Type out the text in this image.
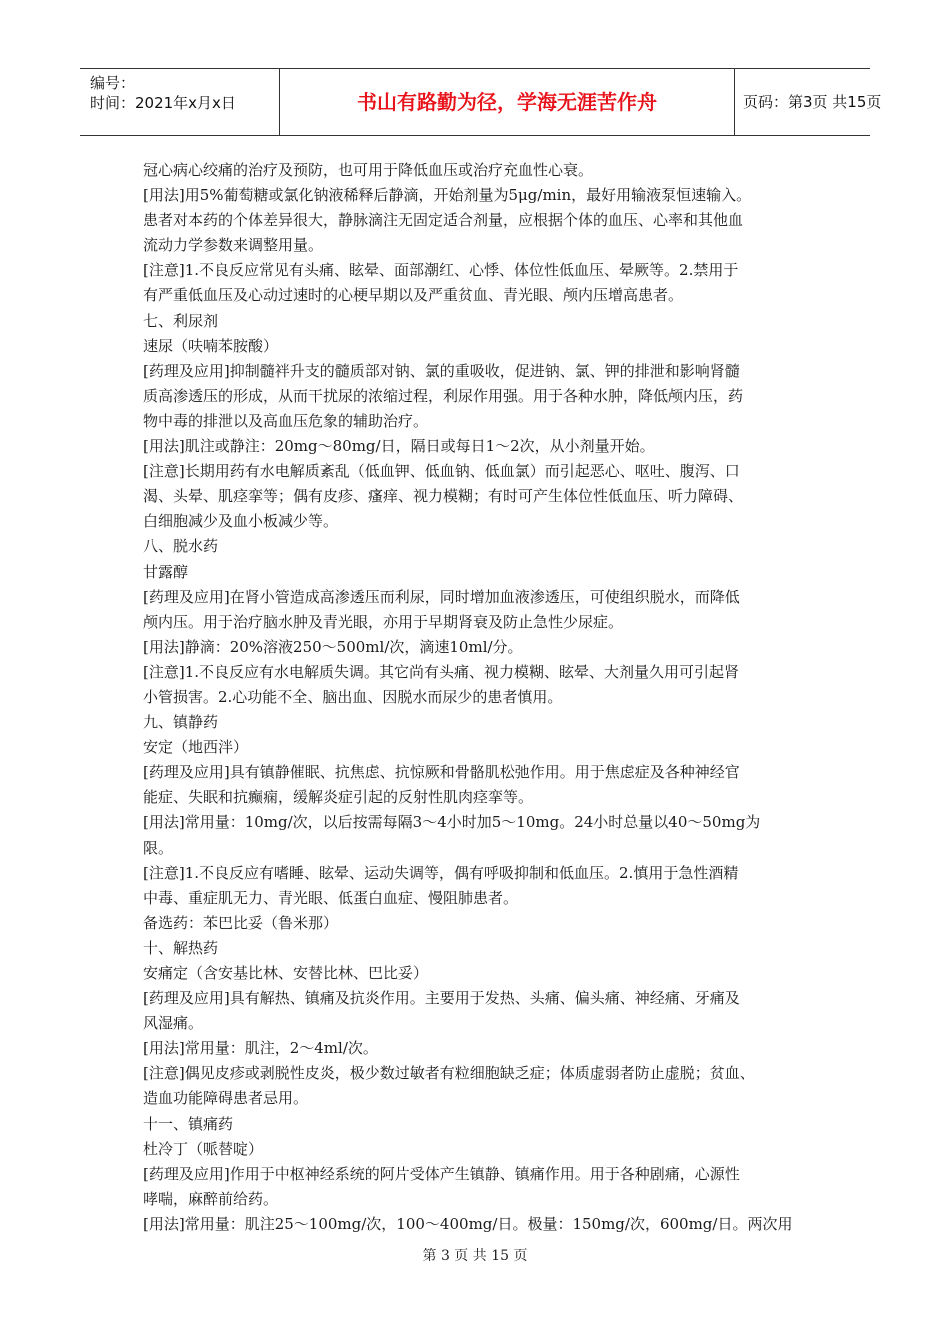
编号：
时间：2021年x月x日	书山有路勤为径，学海无涯苦作舟	页码：第3页 共15页

冠心病心绞痛的治疗及预防，也可用于降低血压或治疗充血性心衰。

[用法]用5%葡萄糖或氯化钠液稀释后静滴，开始剂量为5μg/min，最好用输液泵恒速输入。

患者对本药的个体差异很大，静脉滴注无固定适合剂量，应根据个体的血压、心率和其他血

流动力学参数来调整用量。

[注意]1.不良反应常见有头痛、眩晕、面部潮红、心悸、体位性低血压、晕厥等。2.禁用于

有严重低血压及心动过速时的心梗早期以及严重贫血、青光眼、颅内压增高患者。

七、利尿剂

速尿（呋喃苯胺酸）

[药理及应用]抑制髓袢升支的髓质部对钠、氯的重吸收，促进钠、氯、钾的排泄和影响肾髓

质高渗透压的形成，从而干扰尿的浓缩过程，利尿作用强。用于各种水肿，降低颅内压，药

物中毒的排泄以及高血压危象的辅助治疗。

[用法]肌注或静注：20mg～80mg/日，隔日或每日1～2次，从小剂量开始。

[注意]长期用药有水电解质紊乱（低血钾、低血钠、低血氯）而引起恶心、呕吐、腹泻、口

渴、头晕、肌痉挛等；偶有皮疹、瘙痒、视力模糊；有时可产生体位性低血压、听力障碍、

白细胞减少及血小板减少等。

八、脱水药

甘露醇

[药理及应用]在肾小管造成高渗透压而利尿，同时增加血液渗透压，可使组织脱水，而降低

颅内压。用于治疗脑水肿及青光眼，亦用于早期肾衰及防止急性少尿症。

[用法]静滴：20%溶液250～500ml/次，滴速10ml/分。

[注意]1.不良反应有水电解质失调。其它尚有头痛、视力模糊、眩晕、大剂量久用可引起肾

小管损害。2.心功能不全、脑出血、因脱水而尿少的患者慎用。

九、镇静药

安定（地西泮）

[药理及应用]具有镇静催眠、抗焦虑、抗惊厥和骨骼肌松弛作用。用于焦虑症及各种神经官

能症、失眠和抗癫痫，缓解炎症引起的反射性肌肉痉挛等。

[用法]常用量：10mg/次，以后按需每隔3～4小时加5～10mg。24小时总量以40～50mg为

限。

[注意]1.不良反应有嗜睡、眩晕、运动失调等，偶有呼吸抑制和低血压。2.慎用于急性酒精

中毒、重症肌无力、青光眼、低蛋白血症、慢阻肺患者。

备选药：苯巴比妥（鲁米那）

十、解热药

安痛定（含安基比林、安替比林、巴比妥）

[药理及应用]具有解热、镇痛及抗炎作用。主要用于发热、头痛、偏头痛、神经痛、牙痛及

风湿痛。

[用法]常用量：肌注，2～4ml/次。

[注意]偶见皮疹或剥脱性皮炎，极少数过敏者有粒细胞缺乏症；体质虚弱者防止虚脱；贫血、

造血功能障碍患者忌用。

十一、镇痛药

杜冷丁（哌替啶）

[药理及应用]作用于中枢神经系统的阿片受体产生镇静、镇痛作用。用于各种剧痛，心源性

哮喘，麻醉前给药。

[用法]常用量：肌注25～100mg/次，100～400mg/日。极量：150mg/次，600mg/日。两次用

第 3 页 共 15 页
